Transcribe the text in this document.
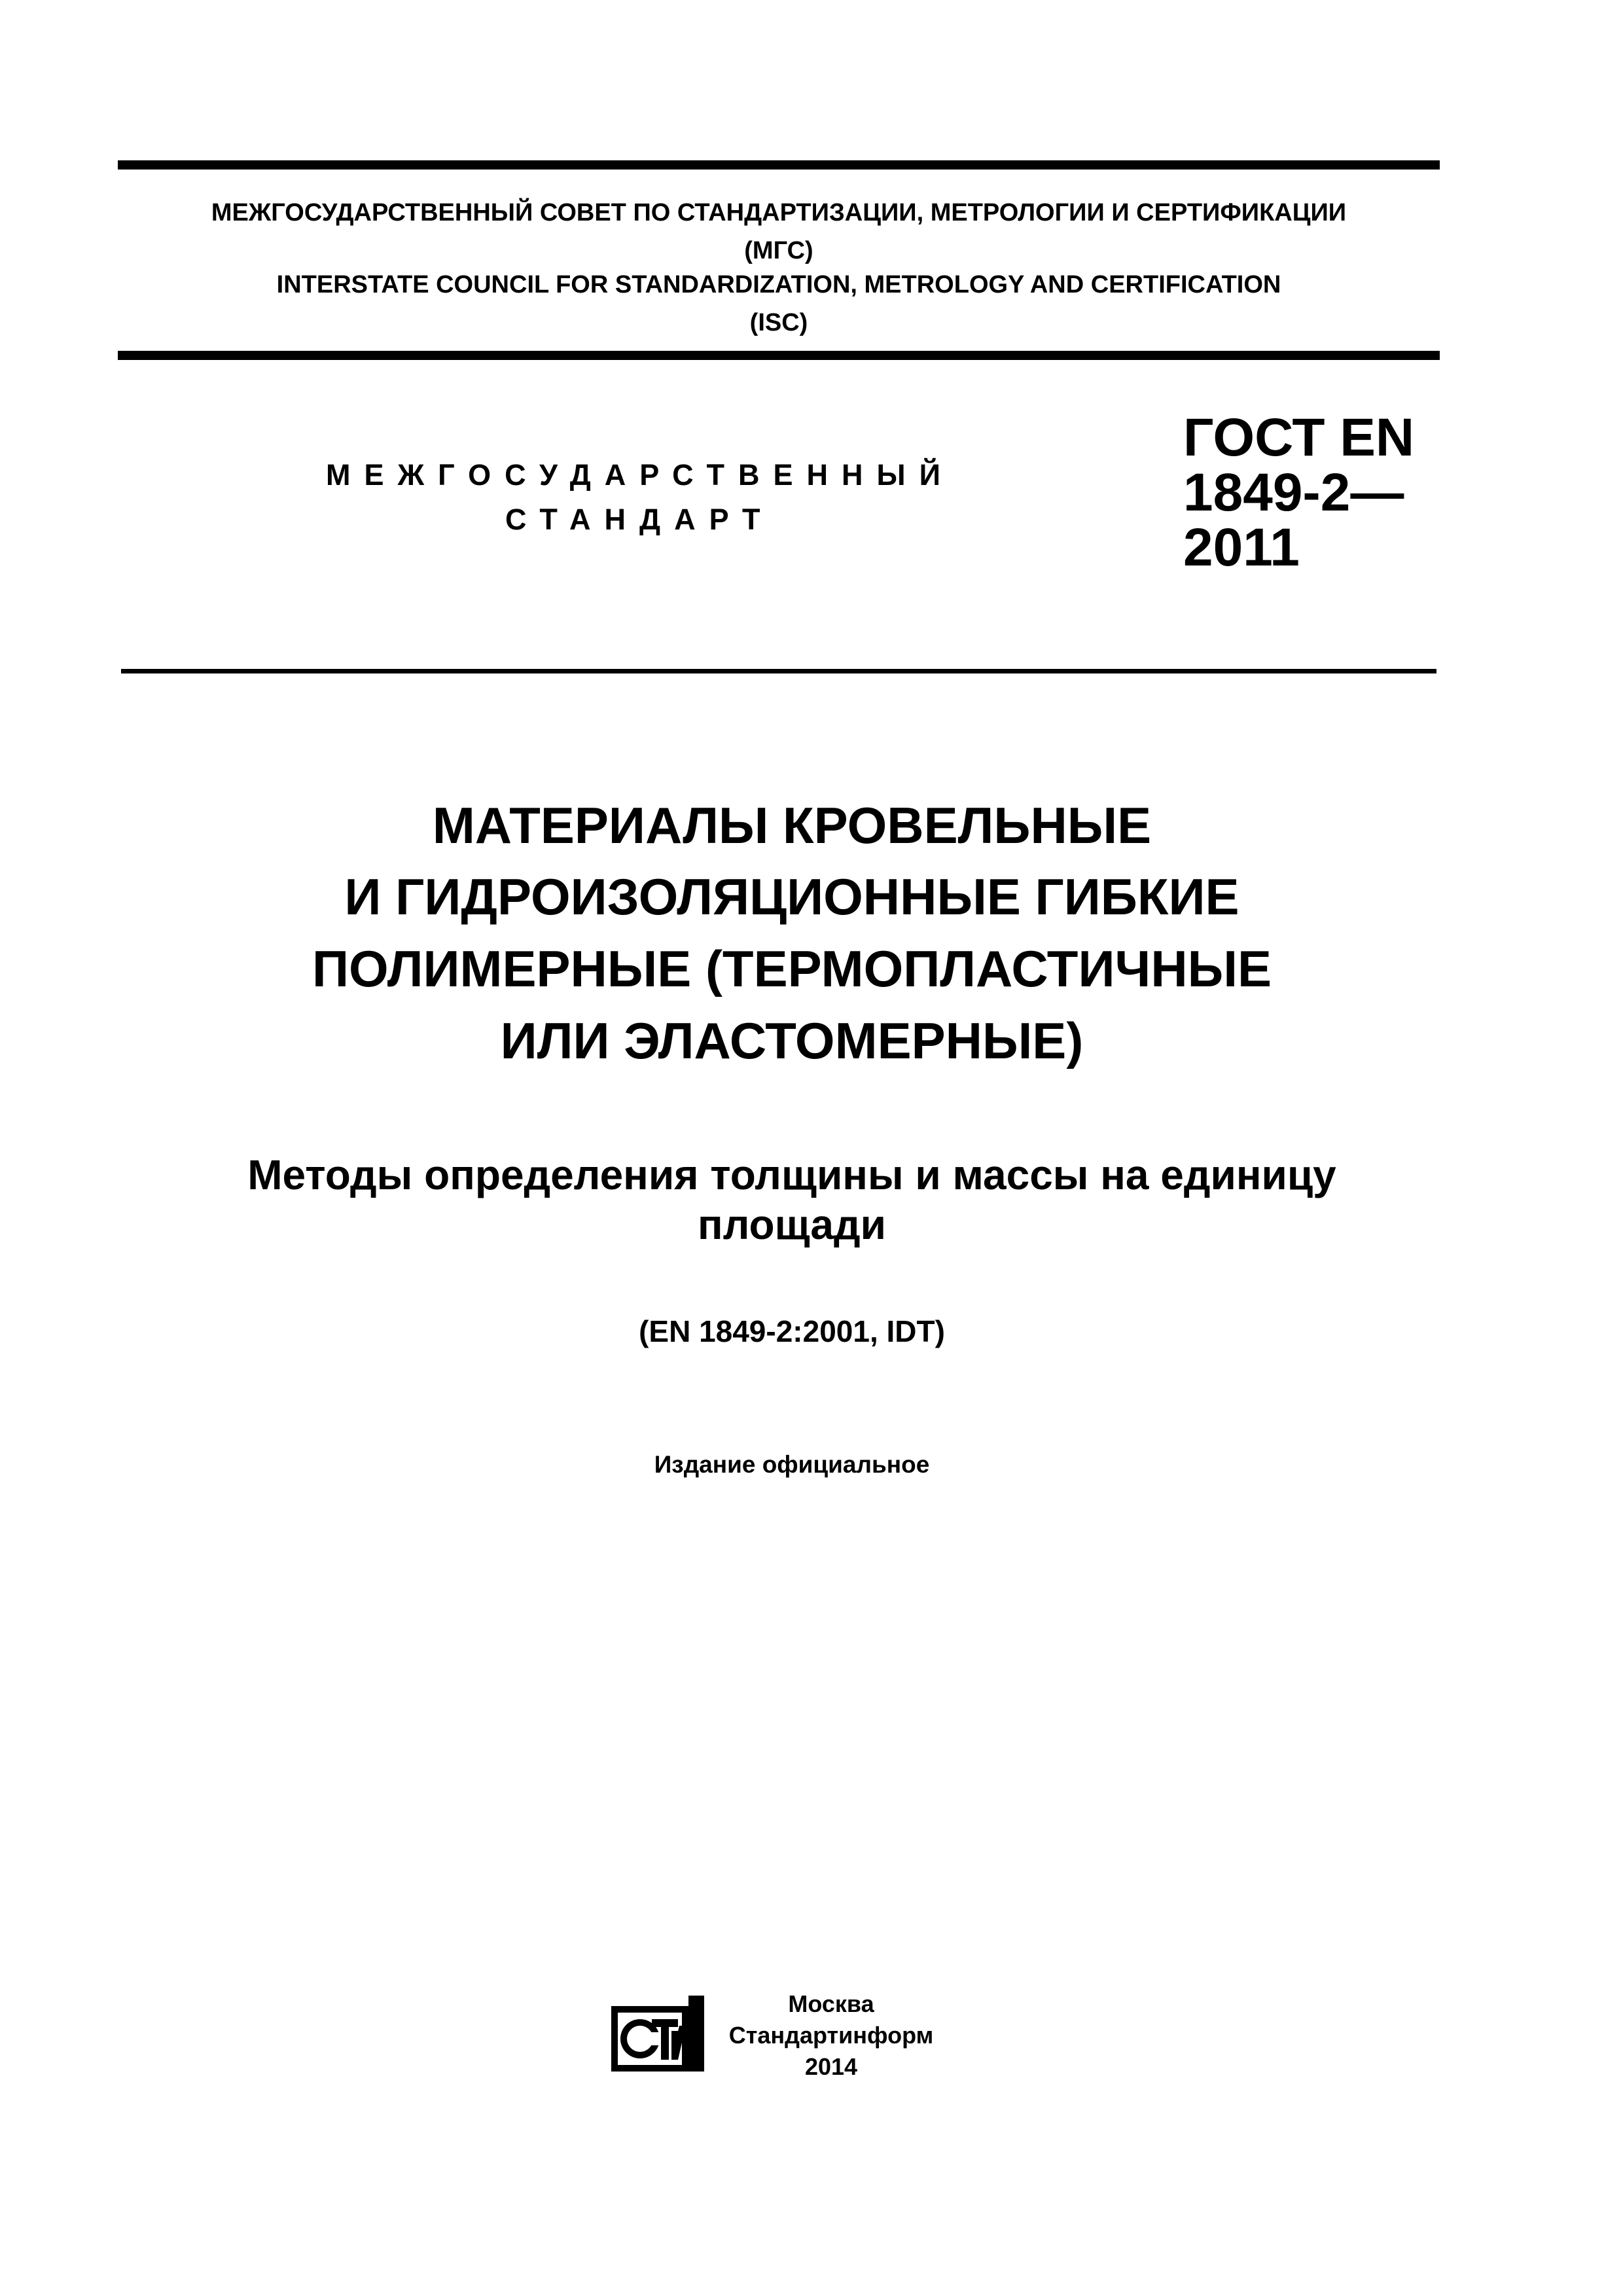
МЕЖГОСУДАРСТВЕННЫЙ СОВЕТ ПО СТАНДАРТИЗАЦИИ, МЕТРОЛОГИИ И СЕРТИФИКАЦИИ
(МГС)
INTERSTATE COUNCIL FOR STANDARDIZATION, METROLOGY AND CERTIFICATION
(ISC)
МЕЖГОСУДАРСТВЕННЫЙ
СТАНДАРТ
ГОСТ EN
1849-2—
2011
МАТЕРИАЛЫ КРОВЕЛЬНЫЕ
И ГИДРОИЗОЛЯЦИОННЫЕ ГИБКИЕ
ПОЛИМЕРНЫЕ (ТЕРМОПЛАСТИЧНЫЕ
ИЛИ ЭЛАСТОМЕРНЫЕ)
Методы определения толщины и массы на единицу
площади
(EN 1849-2:2001, IDT)
Издание официальное
Москва
Стандартинформ
2014
